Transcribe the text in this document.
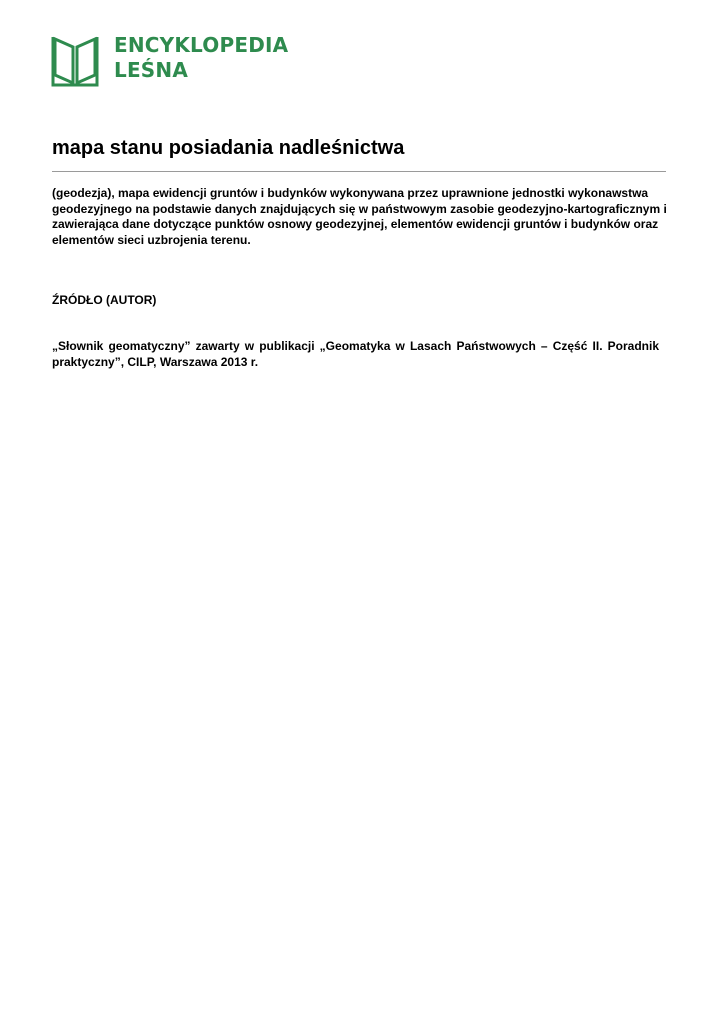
ENCYKLOPEDIA
LEŚNA
mapa stanu posiadania nadleśnictwa

(geodezja), mapa ewidencji gruntów i budynków wykonywana przez uprawnione jednostki wykonawstwa geodezyjnego na podstawie danych znajdujących się w państwowym zasobie geodezyjno-kartograficznym i zawierająca dane dotyczące punktów osnowy geodezyjnej, elementów ewidencji gruntów i budynków oraz elementów sieci uzbrojenia terenu.

ŹRÓDŁO (AUTOR)

„Słownik geomatyczny” zawarty w publikacji „Geomatyka w Lasach Państwowych – Część II. Poradnik praktyczny”, CILP, Warszawa 2013 r.
